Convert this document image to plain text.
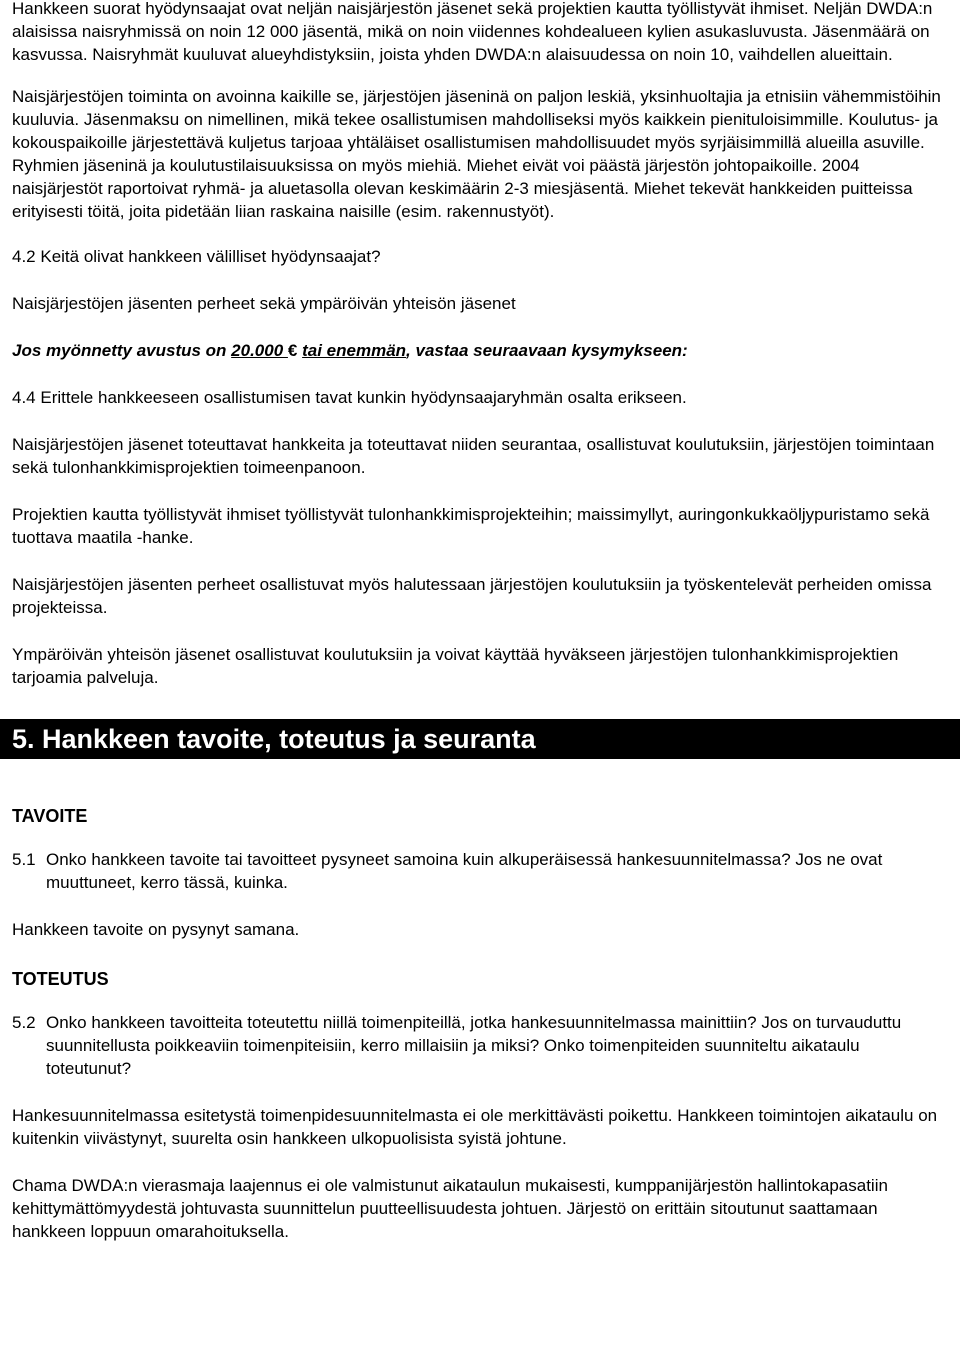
Hankkeen suorat hyödynsaajat ovat neljän naisjärjestön jäsenet sekä projektien kautta työllistyvät ihmiset. Neljän DWDA:n alaisissa naisryhmissä on noin 12 000 jäsentä, mikä on noin viidennes kohdealueen kylien asukasluvusta. Jäsenmäärä on kasvussa. Naisryhmät kuuluvat alueyhdistyksiin, joista yhden DWDA:n alaisuudessa on noin 10, vaihdellen alueittain.

Naisjärjestöjen toiminta on avoinna kaikille se, järjestöjen jäseninä on paljon leskiä, yksinhuoltajia ja etnisiin vähemmistöihin kuuluvia. Jäsenmaksu on nimellinen, mikä tekee osallistumisen mahdolliseksi myös kaikkein pienituloisimmille. Koulutus- ja kokouspaikoille järjestettävä kuljetus tarjoaa yhtäläiset osallistumisen mahdollisuudet myös syrjäisimmillä alueilla asuville. Ryhmien jäseninä ja koulutustilaisuuksissa on myös miehiä. Miehet eivät voi päästä järjestön johtopaikoille. 2004 naisjärjestöt raportoivat ryhmä- ja aluetasolla olevan keskimäärin 2-3 miesjäsentä. Miehet tekevät hankkeiden puitteissa erityisesti töitä, joita pidetään liian raskaina naisille (esim. rakennustyöt).

4.2 Keitä olivat hankkeen välilliset hyödynsaajat?

Naisjärjestöjen jäsenten perheet sekä ympäröivän yhteisön jäsenet

Jos myönnetty avustus on 20.000 € tai enemmän, vastaa seuraavaan kysymykseen:

4.4 Erittele hankkeeseen osallistumisen tavat kunkin hyödynsaajaryhmän osalta erikseen.

Naisjärjestöjen jäsenet toteuttavat hankkeita ja toteuttavat niiden seurantaa, osallistuvat koulutuksiin, järjestöjen toimintaan sekä tulonhankkimisprojektien toimeenpanoon.

Projektien kautta työllistyvät ihmiset työllistyvät tulonhankkimisprojekteihin; maissimyllyt, auringonkukkaöljypuristamo sekä tuottava maatila -hanke.

Naisjärjestöjen jäsenten perheet osallistuvat myös halutessaan järjestöjen koulutuksiin ja työskentelevät perheiden omissa projekteissa.

Ympäröivän yhteisön jäsenet osallistuvat koulutuksiin ja voivat käyttää hyväkseen järjestöjen tulonhankkimisprojektien tarjoamia palveluja.

5. Hankkeen tavoite, toteutus ja seuranta

TAVOITE

5.1 Onko hankkeen tavoite tai tavoitteet pysyneet samoina kuin alkuperäisessä hankesuunnitelmassa? Jos ne ovat muuttuneet, kerro tässä, kuinka.

Hankkeen tavoite on pysynyt samana.

TOTEUTUS

5.2 Onko hankkeen tavoitteita toteutettu niillä toimenpiteillä, jotka hankesuunnitelmassa mainittiin? Jos on turvauduttu suunnitellusta poikkeaviin toimenpiteisiin, kerro millaisiin ja miksi? Onko toimenpiteiden suunniteltu aikataulu toteutunut?

Hankesuunnitelmassa esitetystä toimenpidesuunnitelmasta ei ole merkittävästi poikettu. Hankkeen toimintojen aikataulu on kuitenkin viivästynyt, suurelta osin hankkeen ulkopuolisista syistä johtune.

Chama DWDA:n vierasmaja laajennus ei ole valmistunut aikataulun mukaisesti, kumppanijärjestön hallintokapasatiin kehittymättömyydestä johtuvasta suunnittelun puutteellisuudesta johtuen. Järjestö on erittäin sitoutunut saattamaan hankkeen loppuun omarahoituksella.
